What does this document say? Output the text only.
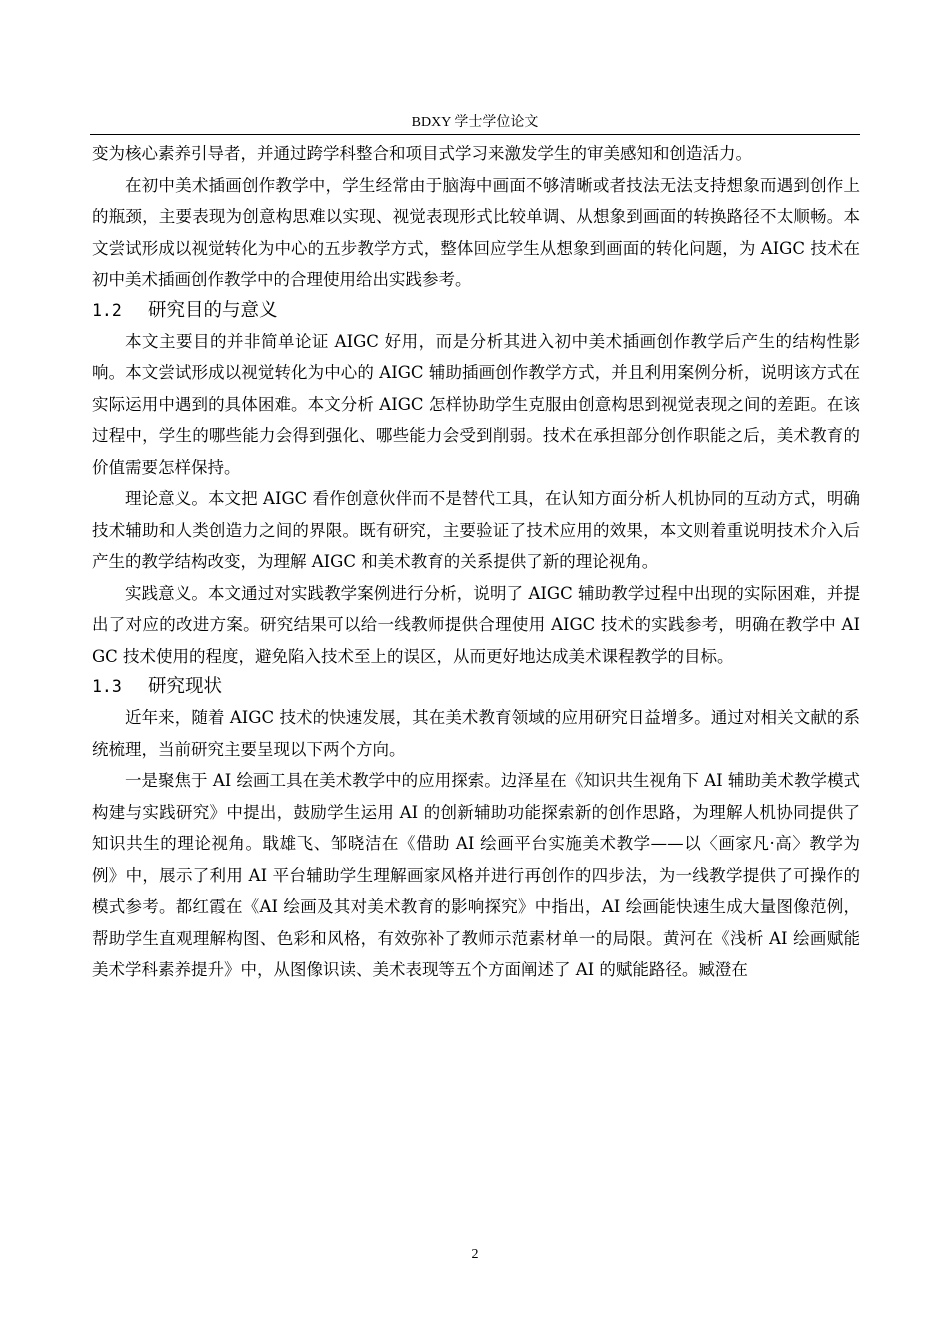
BDXY 学士学位论文

变为核心素养引导者，并通过跨学科整合和项目式学习来激发学生的审美感知和创造活力。

在初中美术插画创作教学中，学生经常由于脑海中画面不够清晰或者技法无法支持想象而遇到创作上的瓶颈，主要表现为创意构思难以实现、视觉表现形式比较单调、从想象到画面的转换路径不太顺畅。本文尝试形成以视觉转化为中心的五步教学方式，整体回应学生从想象到画面的转化问题，为 AIGC 技术在初中美术插画创作教学中的合理使用给出实践参考。

1.2	研究目的与意义

本文主要目的并非简单论证 AIGC 好用，而是分析其进入初中美术插画创作教学后产生的结构性影响。本文尝试形成以视觉转化为中心的 AIGC 辅助插画创作教学方式，并且利用案例分析，说明该方式在实际运用中遇到的具体困难。本文分析 AIGC 怎样协助学生克服由创意构思到视觉表现之间的差距。在该过程中，学生的哪些能力会得到强化、哪些能力会受到削弱。技术在承担部分创作职能之后，美术教育的价值需要怎样保持。

理论意义。本文把 AIGC 看作创意伙伴而不是替代工具，在认知方面分析人机协同的互动方式，明确技术辅助和人类创造力之间的界限。既有研究，主要验证了技术应用的效果，本文则着重说明技术介入后产生的教学结构改变，为理解 AIGC 和美术教育的关系提供了新的理论视角。

实践意义。本文通过对实践教学案例进行分析，说明了 AIGC 辅助教学过程中出现的实际困难，并提出了对应的改进方案。研究结果可以给一线教师提供合理使用 AIGC 技术的实践参考，明确在教学中 AIGC 技术使用的程度，避免陷入技术至上的误区，从而更好地达成美术课程教学的目标。

1.3	研究现状

近年来，随着 AIGC 技术的快速发展，其在美术教育领域的应用研究日益增多。通过对相关文献的系统梳理，当前研究主要呈现以下两个方向。

一是聚焦于 AI 绘画工具在美术教学中的应用探索。边泽星在《知识共生视角下 AI 辅助美术教学模式构建与实践研究》中提出，鼓励学生运用 AI 的创新辅助功能探索新的创作思路，为理解人机协同提供了知识共生的理论视角。戢雄飞、邹晓洁在《借助 AI 绘画平台实施美术教学——以〈画家凡·高〉教学为例》中，展示了利用 AI 平台辅助学生理解画家风格并进行再创作的四步法，为一线教学提供了可操作的模式参考。都红霞在《AI 绘画及其对美术教育的影响探究》中指出，AI 绘画能快速生成大量图像范例，帮助学生直观理解构图、色彩和风格，有效弥补了教师示范素材单一的局限。黄河在《浅析 AI 绘画赋能美术学科素养提升》中，从图像识读、美术表现等五个方面阐述了 AI 的赋能路径。臧澄在

2
